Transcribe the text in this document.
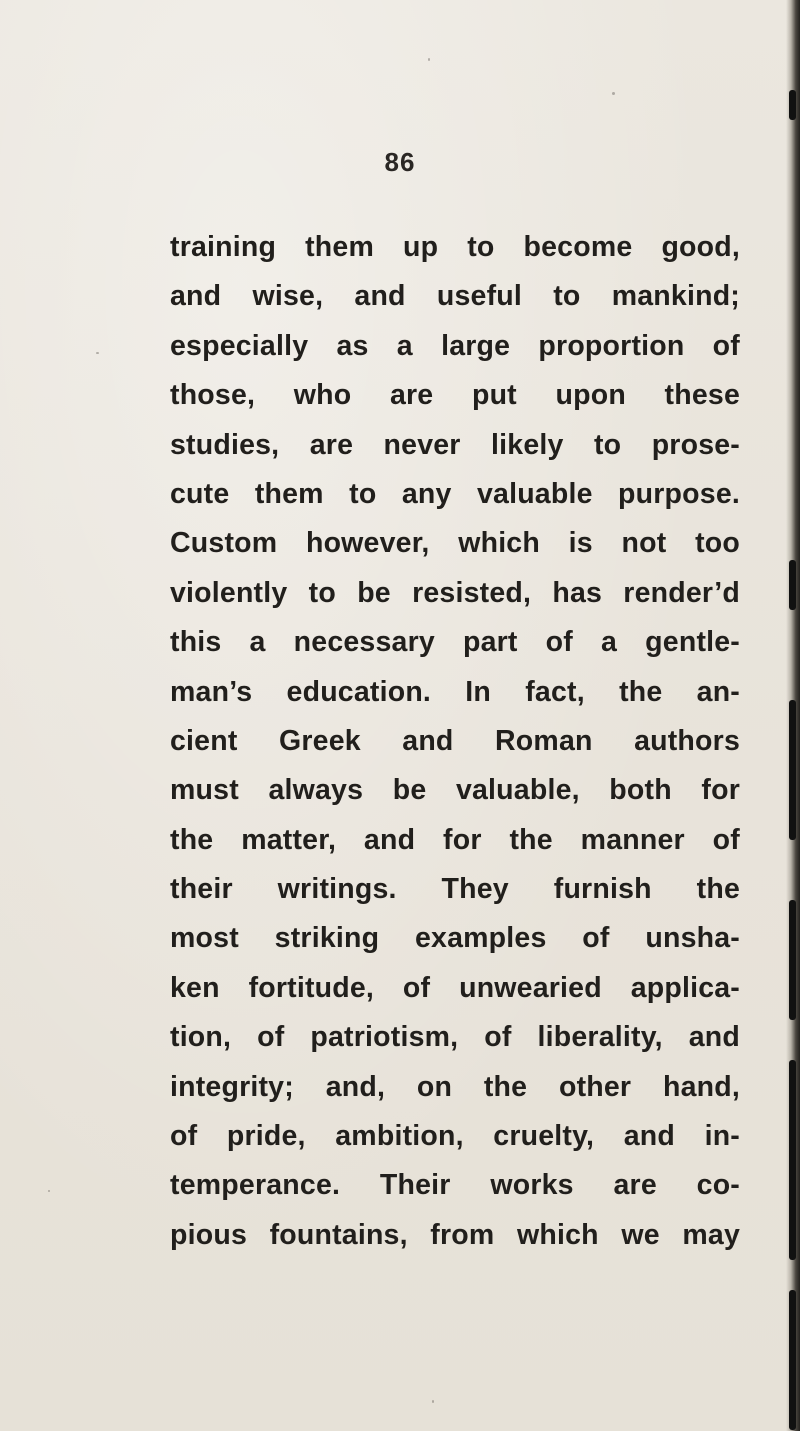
86
training them up to become good,
and wise, and useful to mankind;
especially as a large proportion of
those, who are put upon these
studies, are never likely to prose-
cute them to any valuable purpose.
Custom however, which is not too
violently to be resisted, has render’d
this a necessary part of a gentle-
man’s education. In fact, the an-
cient Greek and Roman authors
must always be valuable, both for
the matter, and for the manner of
their writings. They furnish the
most striking examples of unsha-
ken fortitude, of unwearied applica-
tion, of patriotism, of liberality, and
integrity; and, on the other hand,
of pride, ambition, cruelty, and in-
temperance. Their works are co-
pious fountains, from which we may
